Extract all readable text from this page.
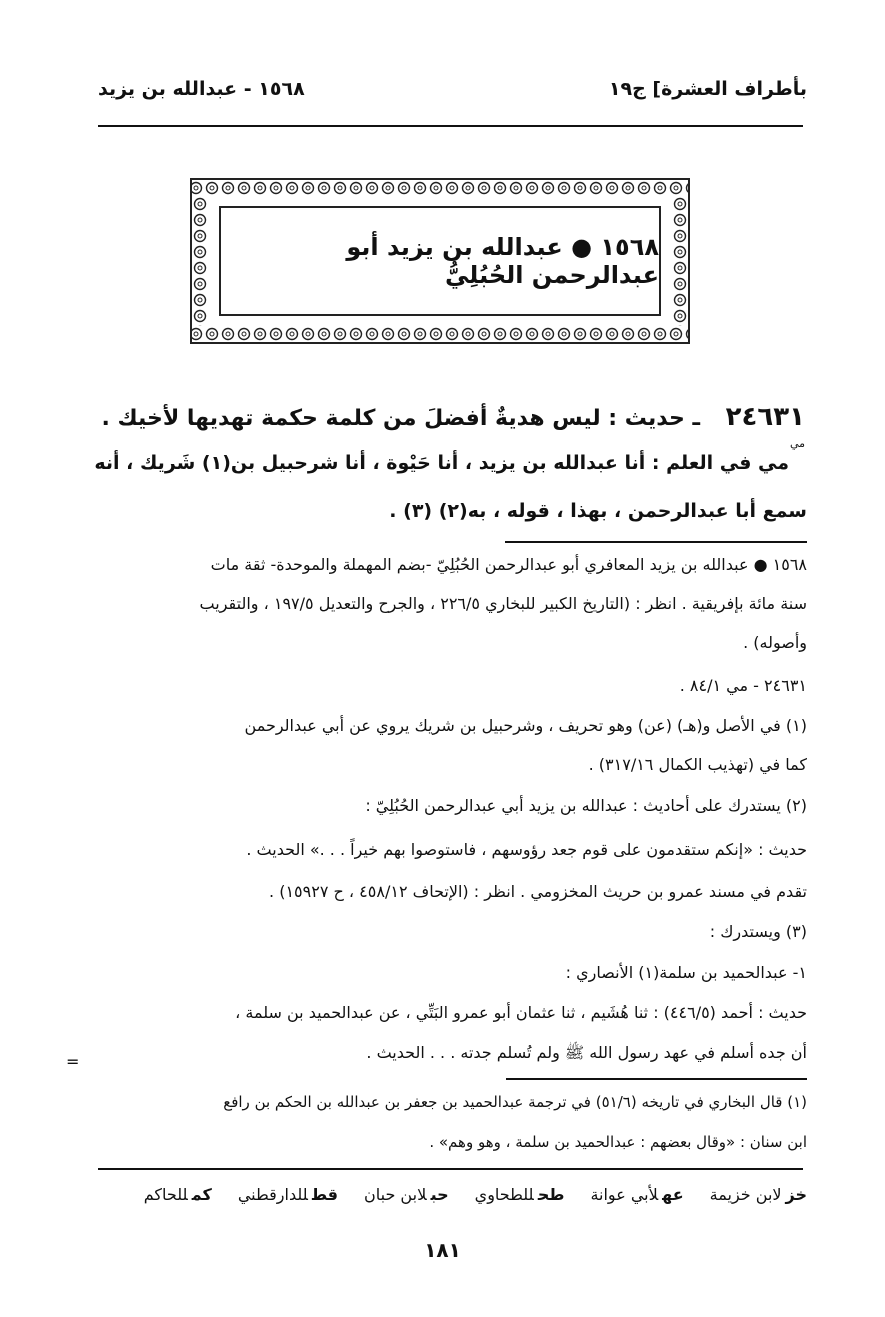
بأطراف العشرة] ج١٩
١٥٦٨ - عبدالله بن يزيد
١٥٦٨ ● عبدالله بن يزيد أبو عبدالرحمن الحُبُلِيُّ
٢٤٦٣١
ـ حديث : ليس هديةٌ أفضلَ من كلمة حكمة تهديها لأخيك .
مي
مي في العلم : أنا عبدالله بن يزيد ، أنا حَيْوة ، أنا شرحبيل بن(١) شَريك ، أنه
سمع أبا عبدالرحمن ، بهذا ، قوله ، به(٢) (٣) .
١٥٦٨ ● عبدالله بن يزيد المعافري أبو عبدالرحمن الحُبُلِيّ -بضم المهملة والموحدة- ثقة مات
سنة مائة بإفريقية . انظر : (التاريخ الكبير للبخاري ٢٢٦/٥ ، والجرح والتعديل ١٩٧/٥ ، والتقريب
وأصوله) .
٢٤٦٣١ - مي ٨٤/١ .
(١) في الأصل و(هـ) (عن) وهو تحريف ، وشرحبيل بن شريك يروي عن أبي عبدالرحمن
كما في (تهذيب الكمال ٣١٧/١٦) .
(٢) يستدرك على أحاديث : عبدالله بن يزيد أبي عبدالرحمن الحُبُلِيّ :
حديث : «إنكم ستقدمون على قوم جعد رؤوسهم ، فاستوصوا بهم خيراً . . .» الحديث .
تقدم في مسند عمرو بن حريث المخزومي . انظر : (الإتحاف ٤٥٨/١٢ ، ح ١٥٩٢٧) .
(٣) ويستدرك :
١- عبدالحميد بن سلمة(١) الأنصاري :
حديث : أحمد (٤٤٦/٥) : ثنا هُشَيم ، ثنا عثمان أبو عمرو البَتِّي ، عن عبدالحميد بن سلمة ،
أن جده أسلم في عهد رسول الله ﷺ ولم تُسلم جدته . . . الحديث .
(١) قال البخاري في تاريخه (٥١/٦) في ترجمة عبدالحميد بن جعفر بن عبدالله بن الحكم بن رافع
ابن سنان : «وقال بعضهم : عبدالحميد بن سلمة ، وهو وهم» .
خزلابن خزيمة
عهلأبي عوانة
طحللطحاوي
حبلابن حبان
قطللدارقطني
كمللحاكم
١٨١
=
